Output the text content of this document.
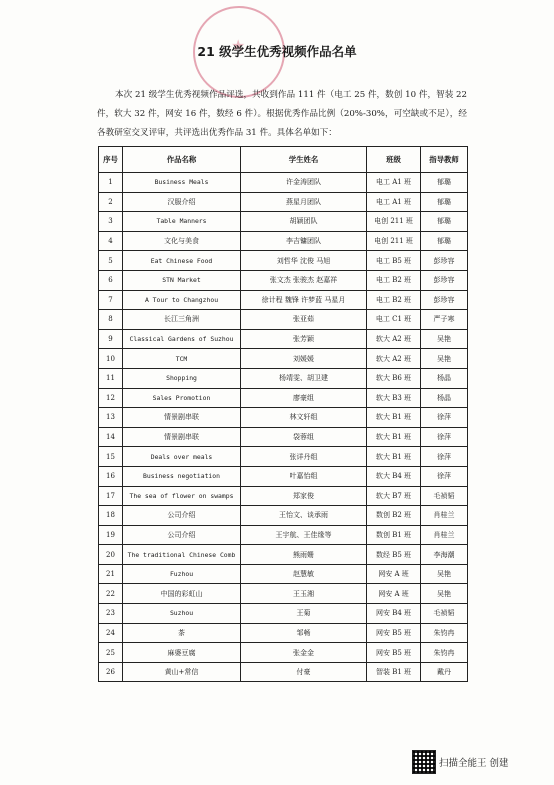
★
21 级学生优秀视频作品名单

本次 21 级学生优秀视频作品评选，共收到作品 111 件（电工 25 件，数创 10 件，智装 22 件，软大 32 件，网安 16 件，数经 6 件）。根据优秀作品比例（20%-30%，可空缺或不足），经各教研室交叉评审，共评选出优秀作品 31 件。具体名单如下：

序号	作品名称	学生姓名	班级	指导教师
1	Business Meals	许金涛团队	电工 A1 班	郁璐
2	汉服介绍	燕星月团队	电工 A1 班	郁璐
3	Table Manners	胡颖团队	电创 211 班	郁璐
4	文化与美食	李吉镛团队	电创 211 班	郁璐
5	Eat Chinese Food	刘哲华 沈俊 马旭	电工 B5 班	彭珍容
6	STN Market	张文杰 张骏杰 赵嘉祥	电工 B2 班	彭珍容
7	A Tour to Changzhou	徐计程 魏锋 许梦蓝 马星月	电工 B2 班	彭珍容
8	长江三角洲	张亚茹	电工 C1 班	严子寒
9	Classical Gardens of Suzhou	张芳颖	软大 A2 班	吴艳
10	TCM	刘媛媛	软大 A2 班	吴艳
11	Shopping	杨靖雯、胡卫建	软大 B6 班	杨晶
12	Sales Promotion	廖豪组	软大 B3 班	杨晶
13	情景剧串联	林文轩组	软大 B1 班	徐萍
14	情景剧串联	袋蓉组	软大 B1 班	徐萍
15	Deals over meals	张详丹组	软大 B1 班	徐萍
16	Business negotiation	叶嘉怡组	软大 B4 班	徐萍
17	The sea of flower on swamps	郑家俊	软大 B7 班	毛祯韬
18	公司介绍	王怡文、谈承雨	数创 B2 班	肖桂兰
19	公司介绍	王宇航、王佳缘等	数创 B1 班	肖桂兰
20	The traditional Chinese Comb	熊雨姗	数经 B5 班	李海潮
21	Fuzhou	赵慧敏	网安 A 班	吴艳
22	中国的彩虹山	王玉湘	网安 A 班	吴艳
23	Suzhou	王菊	网安 B4 班	毛祯韬
24	茶	邹畅	网安 B5 班	朱钧冉
25	麻婆豆腐	张金金	网安 B5 班	朱钧冉
26	黄山+常信	付豪	智装 B1 班	戴丹
扫描全能王 创建
